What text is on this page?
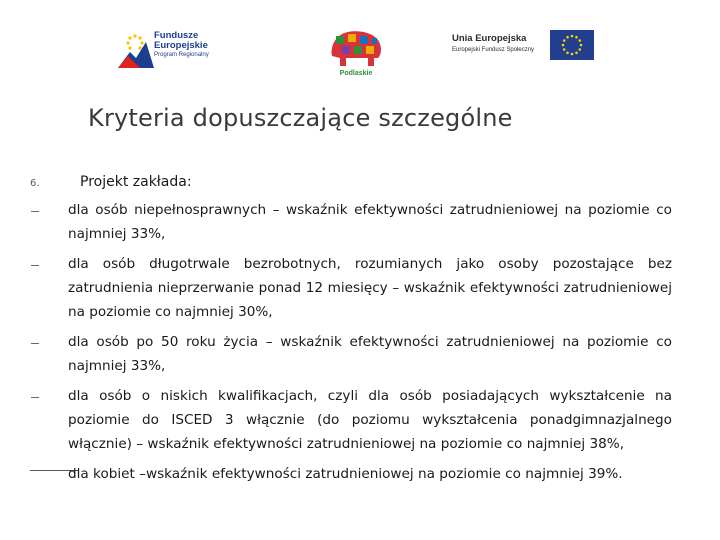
Fundusze
Europejskie
Program Regionalny
Podlaskie
Unia Europejska
Europejski Fundusz Społeczny
Kryteria dopuszczające szczególne
6.	Projekt zakłada:
dla osób niepełnosprawnych – wskaźnik efektywności zatrudnieniowej na poziomie co najmniej 33%,
dla osób długotrwale bezrobotnych, rozumianych jako osoby pozostające bez zatrudnienia nieprzerwanie ponad 12 miesięcy – wskaźnik efektywności zatrudnieniowej na poziomie co najmniej 30%,
dla osób po 50 roku życia – wskaźnik efektywności zatrudnieniowej na poziomie co najmniej 33%,
dla osób o niskich kwalifikacjach, czyli dla osób posiadających wykształcenie na poziomie do ISCED 3 włącznie (do poziomu wykształcenia ponadgimnazjalnego włącznie) – wskaźnik efektywności zatrudnieniowej na poziomie co najmniej 38%,
dla kobiet –wskaźnik efektywności zatrudnieniowej na poziomie co najmniej 39%.
